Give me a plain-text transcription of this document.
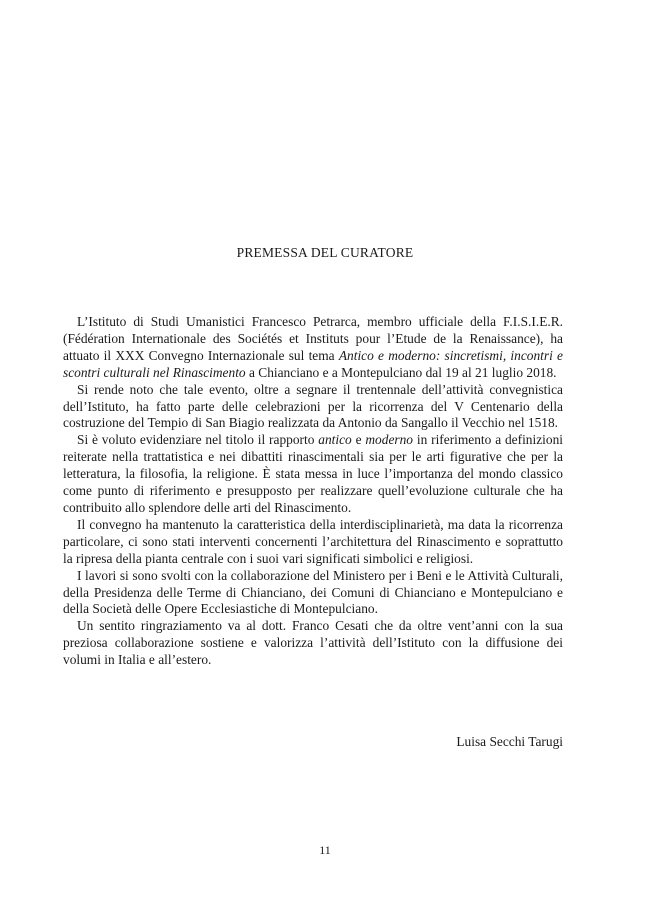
PREMESSA DEL CURATORE

L’Istituto di Studi Umanistici Francesco Petrarca, membro ufficiale della F.I.S.I.E.R. (Fédération Internationale des Sociétés et Instituts pour l’Etude de la Renaissance), ha attuato il XXX Convegno Internazionale sul tema Antico e moderno: sincretismi, incontri e scontri culturali nel Rinascimento a Chianciano e a Montepulciano dal 19 al 21 luglio 2018.

Si rende noto che tale evento, oltre a segnare il trentennale dell’attività convegnistica dell’Istituto, ha fatto parte delle celebrazioni per la ricorrenza del V Centenario della costruzione del Tempio di San Biagio realizzata da Antonio da Sangallo il Vecchio nel 1518.

Si è voluto evidenziare nel titolo il rapporto antico e moderno in riferimento a definizioni reiterate nella trattatistica e nei dibattiti rinascimentali sia per le arti figurative che per la letteratura, la filosofia, la religione. È stata messa in luce l’importanza del mondo classico come punto di riferimento e presupposto per realizzare quell’evoluzione culturale che ha contribuito allo splendore delle arti del Rinascimento.

Il convegno ha mantenuto la caratteristica della interdisciplinarietà, ma data la ricorrenza particolare, ci sono stati interventi concernenti l’architettura del Rinascimento e soprattutto la ripresa della pianta centrale con i suoi vari significati simbolici e religiosi.

I lavori si sono svolti con la collaborazione del Ministero per i Beni e le Attività Culturali, della Presidenza delle Terme di Chianciano, dei Comuni di Chianciano e Montepulciano e della Società delle Opere Ecclesiastiche di Montepulciano.

Un sentito ringraziamento va al dott. Franco Cesati che da oltre vent’anni con la sua preziosa collaborazione sostiene e valorizza l’attività dell’Istituto con la diffusione dei volumi in Italia e all’estero.

Luisa Secchi Tarugi
11
